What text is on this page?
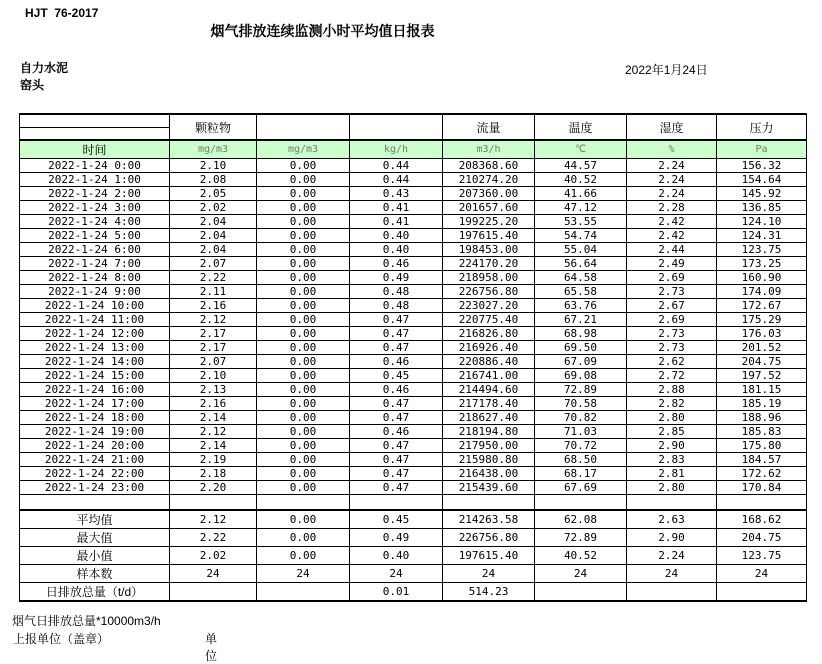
HJT  76-2017
烟气排放连续监测小时平均值日报表
自力水泥
窑头
2022年1月24日
	颗粒物			流量	温度	湿度	压力

时间	mg/m3	mg/m3	kg/h	m3/h	℃	%	Pa
2022-1-24 0:00	2.10	0.00	0.44	208368.60	44.57	2.24	156.32
2022-1-24 1:00	2.08	0.00	0.44	210274.20	40.52	2.24	154.64
2022-1-24 2:00	2.05	0.00	0.43	207360.00	41.66	2.24	145.92
2022-1-24 3:00	2.02	0.00	0.41	201657.60	47.12	2.28	136.85
2022-1-24 4:00	2.04	0.00	0.41	199225.20	53.55	2.42	124.10
2022-1-24 5:00	2.04	0.00	0.40	197615.40	54.74	2.42	124.31
2022-1-24 6:00	2.04	0.00	0.40	198453.00	55.04	2.44	123.75
2022-1-24 7:00	2.07	0.00	0.46	224170.20	56.64	2.49	173.25
2022-1-24 8:00	2.22	0.00	0.49	218958.00	64.58	2.69	160.90
2022-1-24 9:00	2.11	0.00	0.48	226756.80	65.58	2.73	174.09
2022-1-24 10:00	2.16	0.00	0.48	223027.20	63.76	2.67	172.67
2022-1-24 11:00	2.12	0.00	0.47	220775.40	67.21	2.69	175.29
2022-1-24 12:00	2.17	0.00	0.47	216826.80	68.98	2.73	176.03
2022-1-24 13:00	2.17	0.00	0.47	216926.40	69.50	2.73	201.52
2022-1-24 14:00	2.07	0.00	0.46	220886.40	67.09	2.62	204.75
2022-1-24 15:00	2.10	0.00	0.45	216741.00	69.08	2.72	197.52
2022-1-24 16:00	2.13	0.00	0.46	214494.60	72.89	2.88	181.15
2022-1-24 17:00	2.16	0.00	0.47	217178.40	70.58	2.82	185.19
2022-1-24 18:00	2.14	0.00	0.47	218627.40	70.82	2.80	188.96
2022-1-24 19:00	2.12	0.00	0.46	218194.80	71.03	2.85	185.83
2022-1-24 20:00	2.14	0.00	0.47	217950.00	70.72	2.90	175.80
2022-1-24 21:00	2.19	0.00	0.47	215980.80	68.50	2.83	184.57
2022-1-24 22:00	2.18	0.00	0.47	216438.00	68.17	2.81	172.62
2022-1-24 23:00	2.20	0.00	0.47	215439.60	67.69	2.80	170.84

平均值	2.12	0.00	0.45	214263.58	62.08	2.63	168.62
最大值	2.22	0.00	0.49	226756.80	72.89	2.90	204.75
最小值	2.02	0.00	0.40	197615.40	40.52	2.24	123.75
样本数	24	24	24	24	24	24	24
日排放总量（t/d）			0.01	514.23			
烟气日排放总量*10000m3/h
上报单位（盖章）	单位
